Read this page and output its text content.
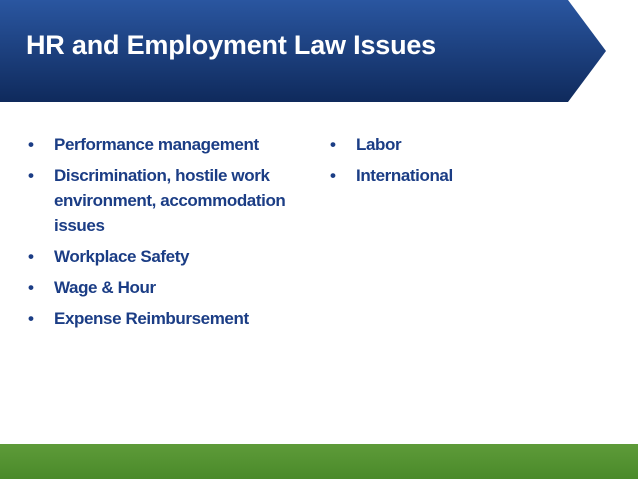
HR and Employment Law Issues
• Performance management
• Discrimination, hostile work environment, accommodation issues
• Workplace Safety
• Wage & Hour
• Expense Reimbursement
• Labor
• International
